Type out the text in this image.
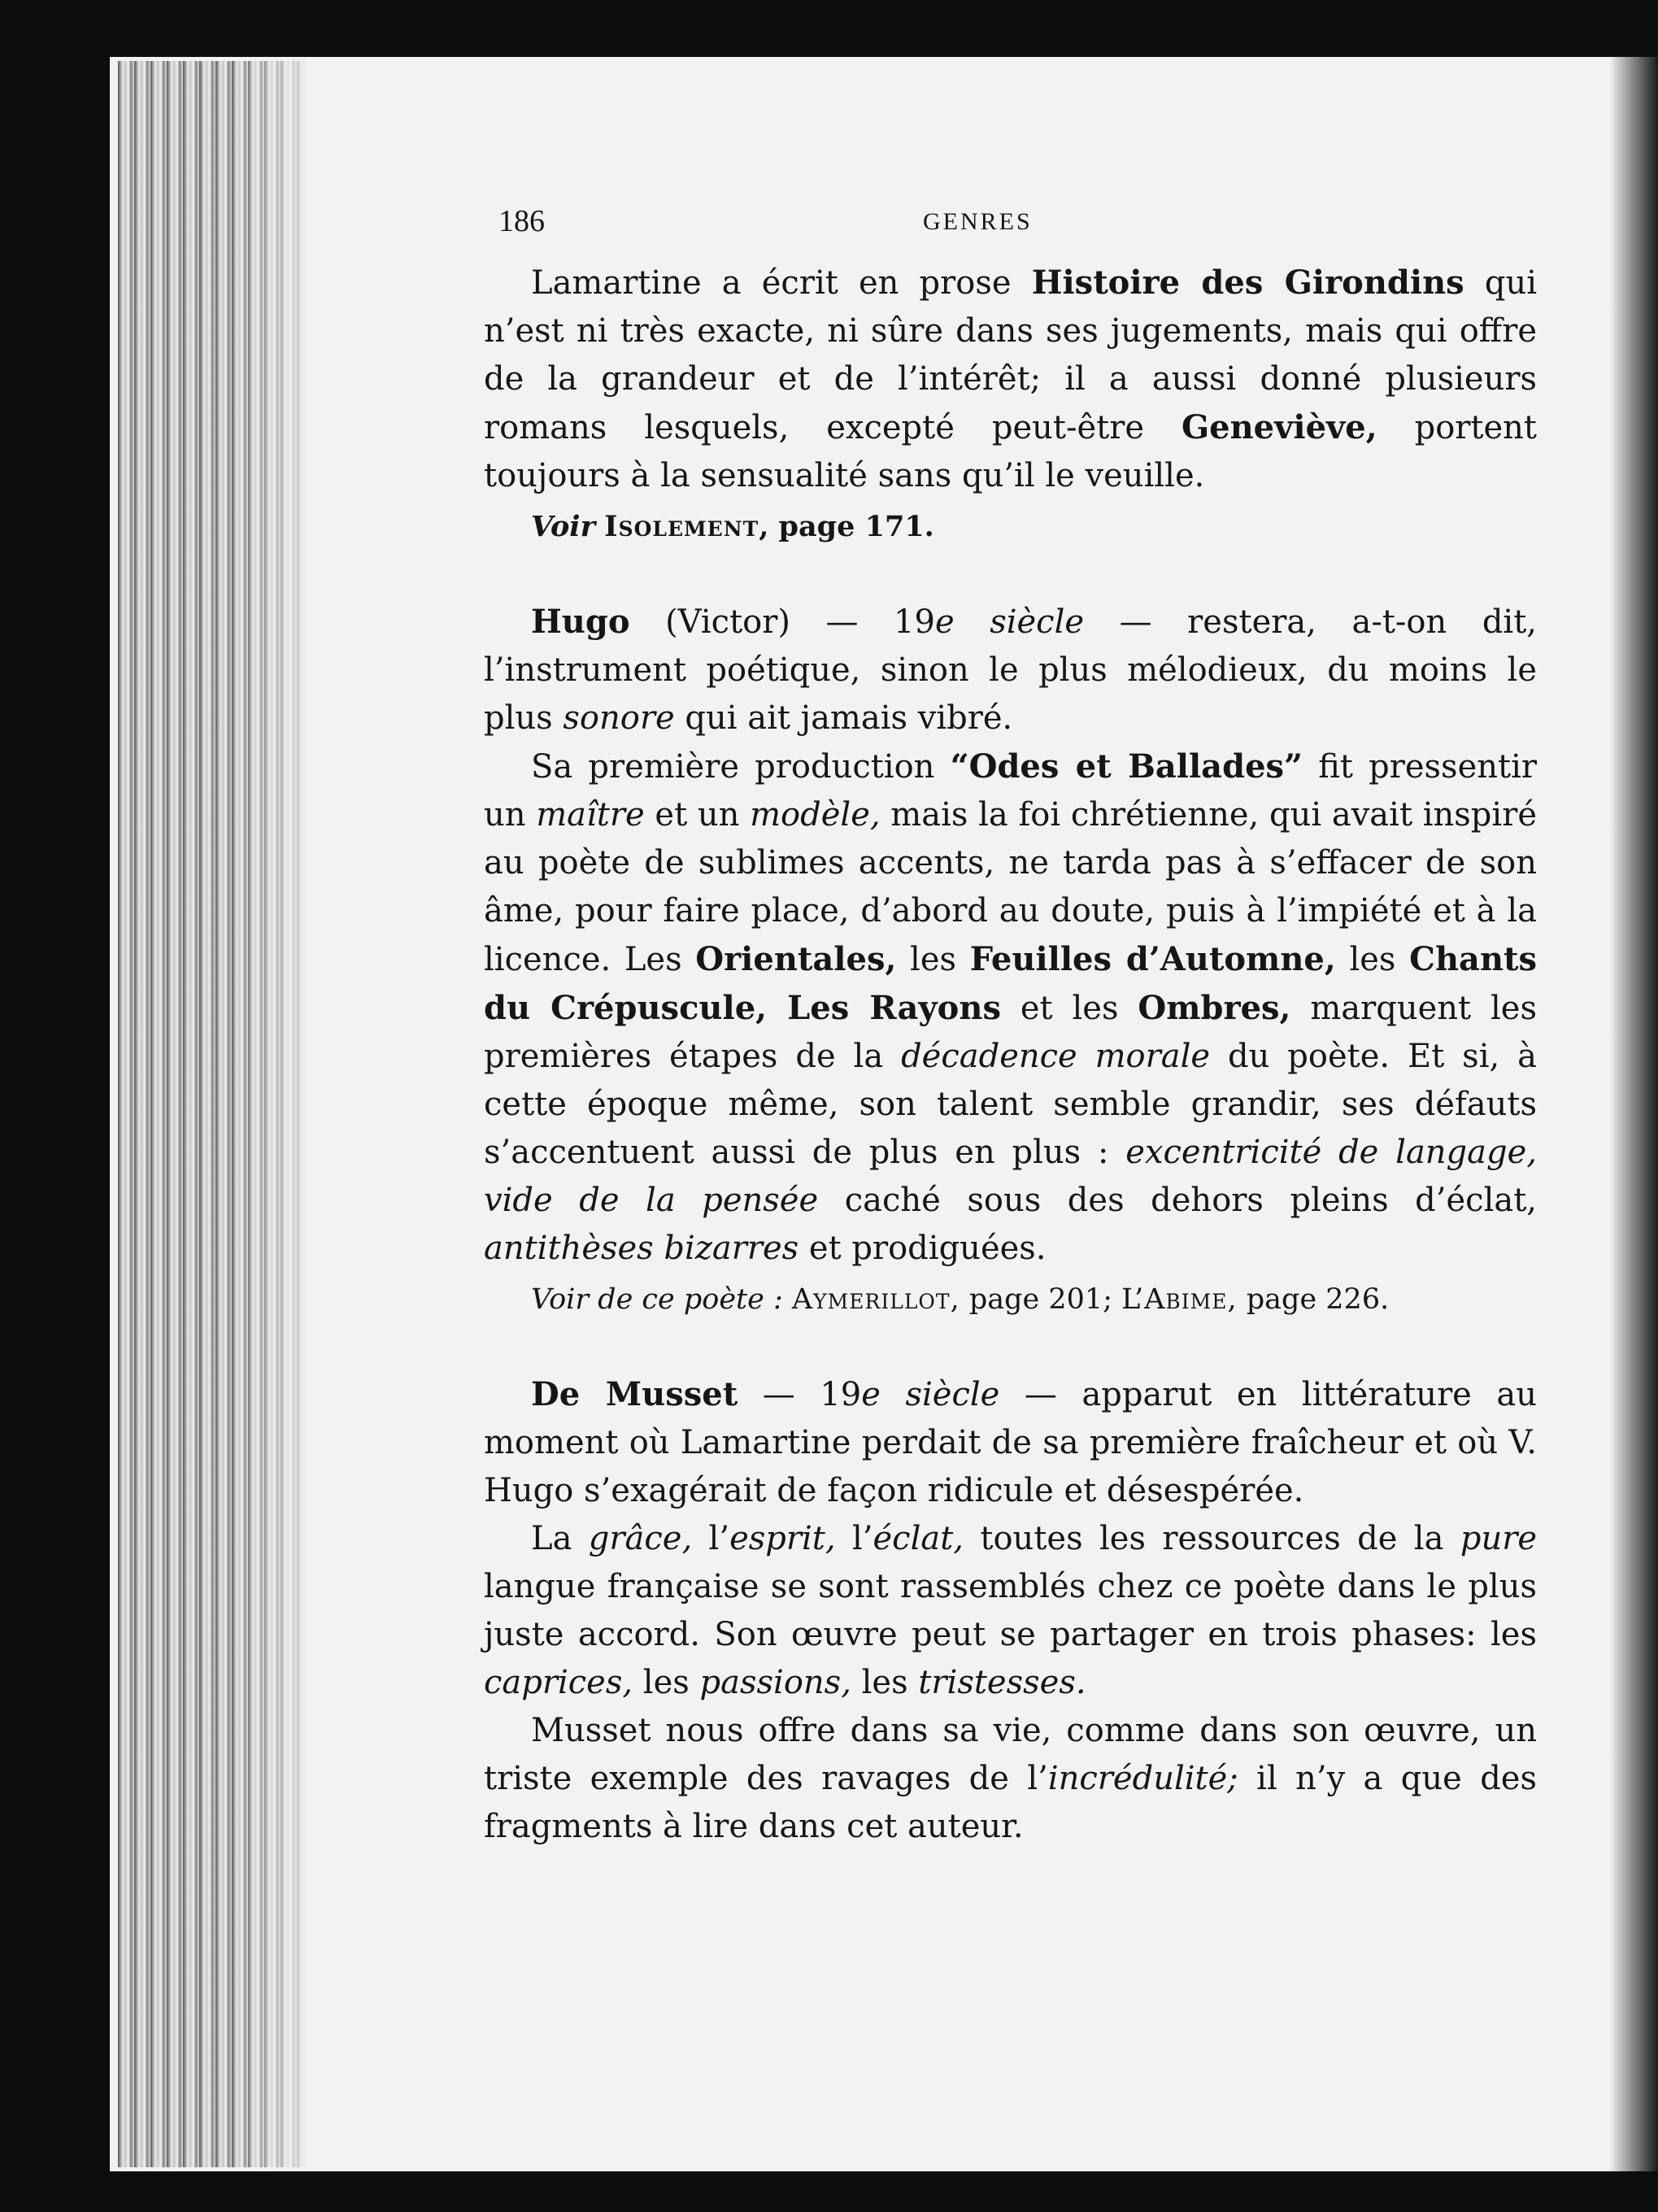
186	GENRES

Lamartine a écrit en prose Histoire des Girondins qui n’est ni très exacte, ni sûre dans ses jugements, mais qui offre de la grandeur et de l’intérêt; il a aussi donné plusieurs romans lesquels, excepté peut-être Geneviève, portent toujours à la sensualité sans qu’il le veuille.

Voir Isolement, page 171.

Hugo (Victor) — 19e siècle — restera, a-t-on dit, l’instrument poétique, sinon le plus mélodieux, du moins le plus sonore qui ait jamais vibré.

Sa première production “Odes et Ballades” fit pressentir un maître et un modèle, mais la foi chrétienne, qui avait inspiré au poète de sublimes accents, ne tarda pas à s’effacer de son âme, pour faire place, d’abord au doute, puis à l’impiété et à la licence. Les Orientales, les Feuilles d’Automne, les Chants du Crépuscule, Les Rayons et les Ombres, marquent les premières étapes de la décadence morale du poète. Et si, à cette époque même, son talent semble grandir, ses défauts s’accentuent aussi de plus en plus : excentricité de langage, vide de la pensée caché sous des dehors pleins d’éclat, antithèses bizarres et prodiguées.

Voir de ce poète : Aymerillot, page 201; L’Abime, page 226.

De Musset — 19e siècle — apparut en littérature au moment où Lamartine perdait de sa première fraîcheur et où V. Hugo s’exagérait de façon ridicule et désespérée.

La grâce, l’esprit, l’éclat, toutes les ressources de la pure langue française se sont rassemblés chez ce poète dans le plus juste accord. Son œuvre peut se partager en trois phases: les caprices, les passions, les tristesses.

Musset nous offre dans sa vie, comme dans son œuvre, un triste exemple des ravages de l’incrédulité; il n’y a que des fragments à lire dans cet auteur.
